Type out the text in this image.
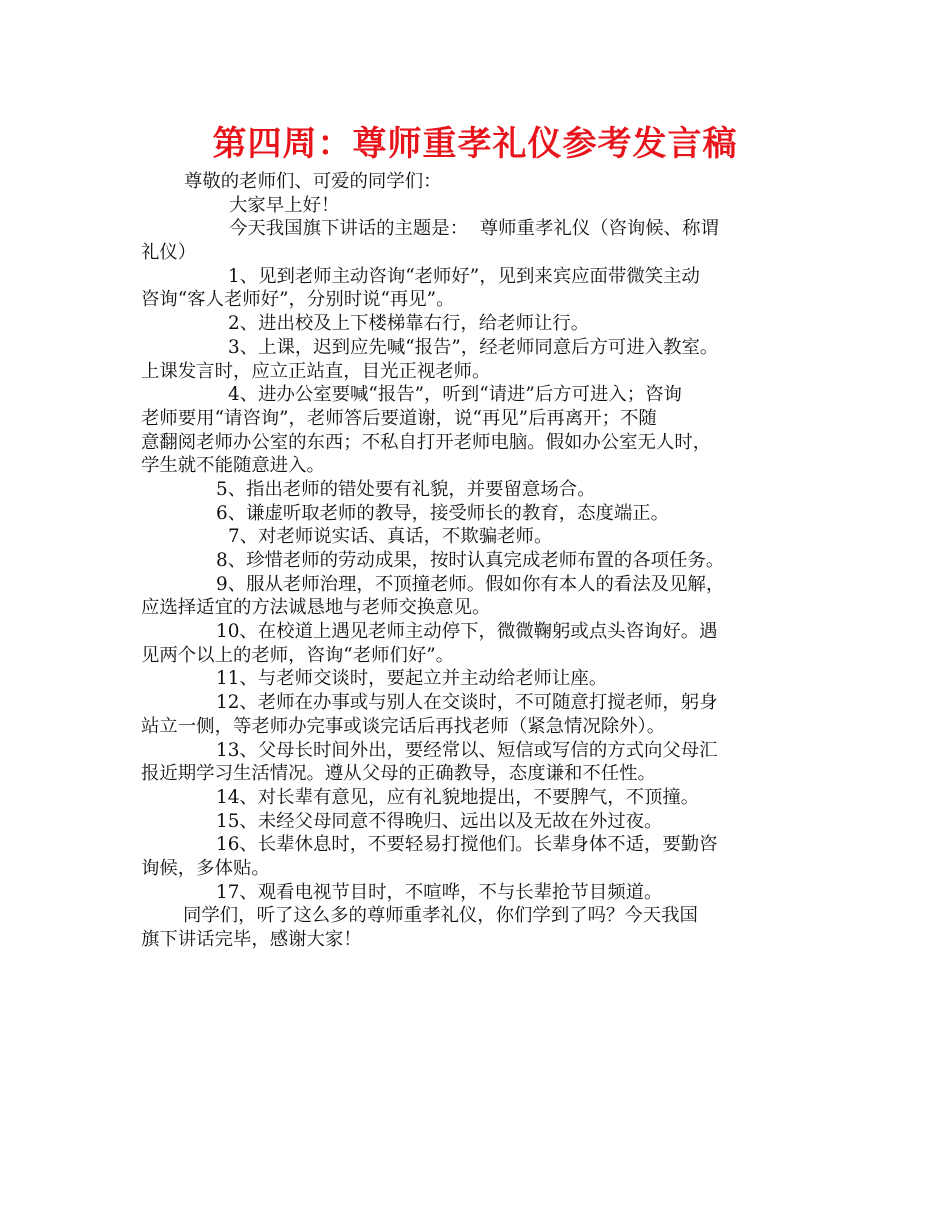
第四周：尊师重孝礼仪参考发言稿

尊敬的老师们、可爱的同学们：

大家早上好！

今天我国旗下讲话的主题是：  尊师重孝礼仪（咨询候、称谓

礼仪）

1、见到老师主动咨询“老师好”，见到来宾应面带微笑主动

咨询“客人老师好”，分别时说“再见”。

2、进出校及上下楼梯靠右行，给老师让行。

3、上课，迟到应先喊“报告”，经老师同意后方可进入教室。

上课发言时，应立正站直，目光正视老师。

4、进办公室要喊“报告”，听到“请进”后方可进入；咨询

老师要用“请咨询”，老师答后要道谢，说“再见”后再离开；不随

意翻阅老师办公室的东西；不私自打开老师电脑。假如办公室无人时，

学生就不能随意进入。

5、指出老师的错处要有礼貌，并要留意场合。

6、谦虚听取老师的教导，接受师长的教育，态度端正。

7、对老师说实话、真话，不欺骗老师。

8、珍惜老师的劳动成果，按时认真完成老师布置的各项任务。

9、服从老师治理，不顶撞老师。假如你有本人的看法及见解，

应选择适宜的方法诚恳地与老师交换意见。

10、在校道上遇见老师主动停下，微微鞠躬或点头咨询好。遇

见两个以上的老师，咨询“老师们好”。

11、与老师交谈时，要起立并主动给老师让座。

12、老师在办事或与别人在交谈时，不可随意打搅老师，躬身

站立一侧，等老师办完事或谈完话后再找老师（紧急情况除外）。

13、父母长时间外出，要经常以、短信或写信的方式向父母汇

报近期学习生活情况。遵从父母的正确教导，态度谦和不任性。

14、对长辈有意见，应有礼貌地提出，不要脾气，不顶撞。

15、未经父母同意不得晚归、远出以及无故在外过夜。

16、长辈休息时，不要轻易打搅他们。长辈身体不适，要勤咨

询候，多体贴。

17、观看电视节目时，不喧哗，不与长辈抢节目频道。

同学们，听了这么多的尊师重孝礼仪，你们学到了吗？今天我国

旗下讲话完毕，感谢大家！
